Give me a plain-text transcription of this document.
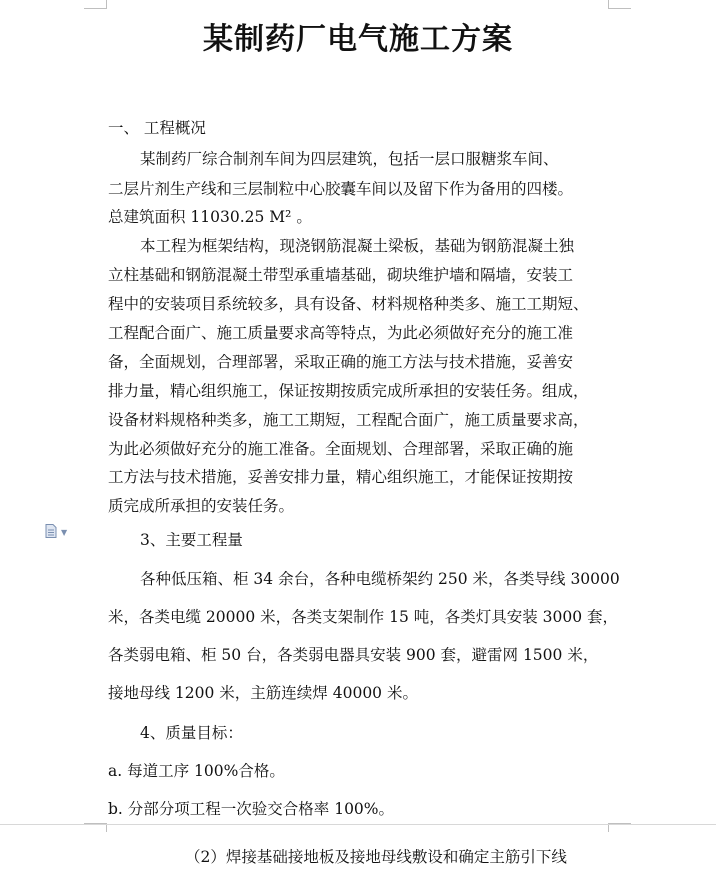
某制药厂电气施工方案
一、 工程概况
某制药厂综合制剂车间为四层建筑，包括一层口服糖浆车间、
二层片剂生产线和三层制粒中心胶囊车间以及留下作为备用的四楼。
总建筑面积 11030.25 M² 。
本工程为框架结构，现浇钢筋混凝土梁板，基础为钢筋混凝土独
立柱基础和钢筋混凝土带型承重墙基础，砌块维护墙和隔墙，安装工
程中的安装项目系统较多，具有设备、材料规格种类多、施工工期短、
工程配合面广、施工质量要求高等特点，为此必须做好充分的施工准
备，全面规划，合理部署，采取正确的施工方法与技术措施，妥善安
排力量，精心组织施工，保证按期按质完成所承担的安装任务。组成，
设备材料规格种类多，施工工期短，工程配合面广，施工质量要求高，
为此必须做好充分的施工准备。全面规划、合理部署，采取正确的施
工方法与技术措施，妥善安排力量，精心组织施工，才能保证按期按
质完成所承担的安装任务。
▼	3、主要工程量
各种低压箱、柜 34 余台，各种电缆桥架约 250 米，各类导线 30000
米，各类电缆 20000 米，各类支架制作 15 吨，各类灯具安装 3000 套，
各类弱电箱、柜 50 台，各类弱电器具安装 900 套，避雷网 1500 米，
接地母线 1200 米，主筋连续焊 40000 米。
4、质量目标：
a. 每道工序 100%合格。
b. 分部分项工程一次验交合格率 100%。
（2）焊接基础接地板及接地母线敷设和确定主筋引下线
